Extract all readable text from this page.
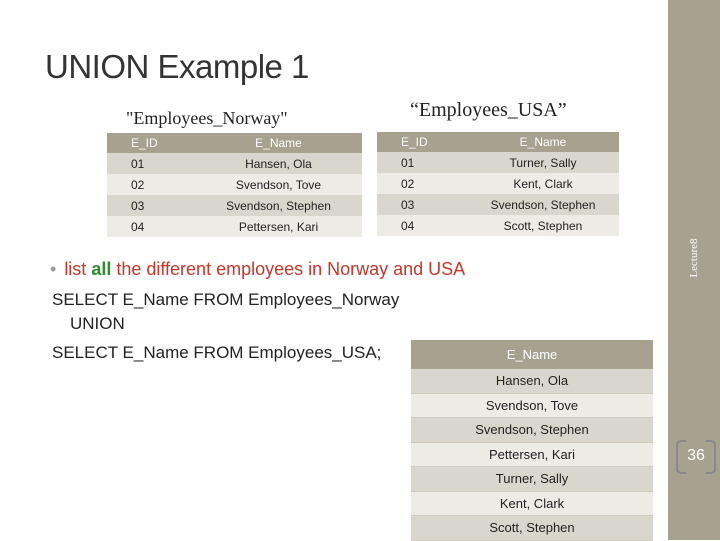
Lecture8
UNION Example 1
"Employees_Norway"	“Employees_USA”
E_ID	E_Name
01	Hansen, Ola
02	Svendson, Tove
03	Svendson, Stephen
04	Pettersen, Kari
E_ID	E_Name
01	Turner, Sally
02	Kent, Clark
03	Svendson, Stephen
04	Scott, Stephen
• list all the different employees in Norway and USA
SELECT E_Name FROM Employees_Norway
UNION
SELECT E_Name FROM Employees_USA;	E_Name
Hansen, Ola
Svendson, Tove
Svendson, Stephen
Pettersen, Kari
Turner, Sally
Kent, Clark
Scott, Stephen
36
